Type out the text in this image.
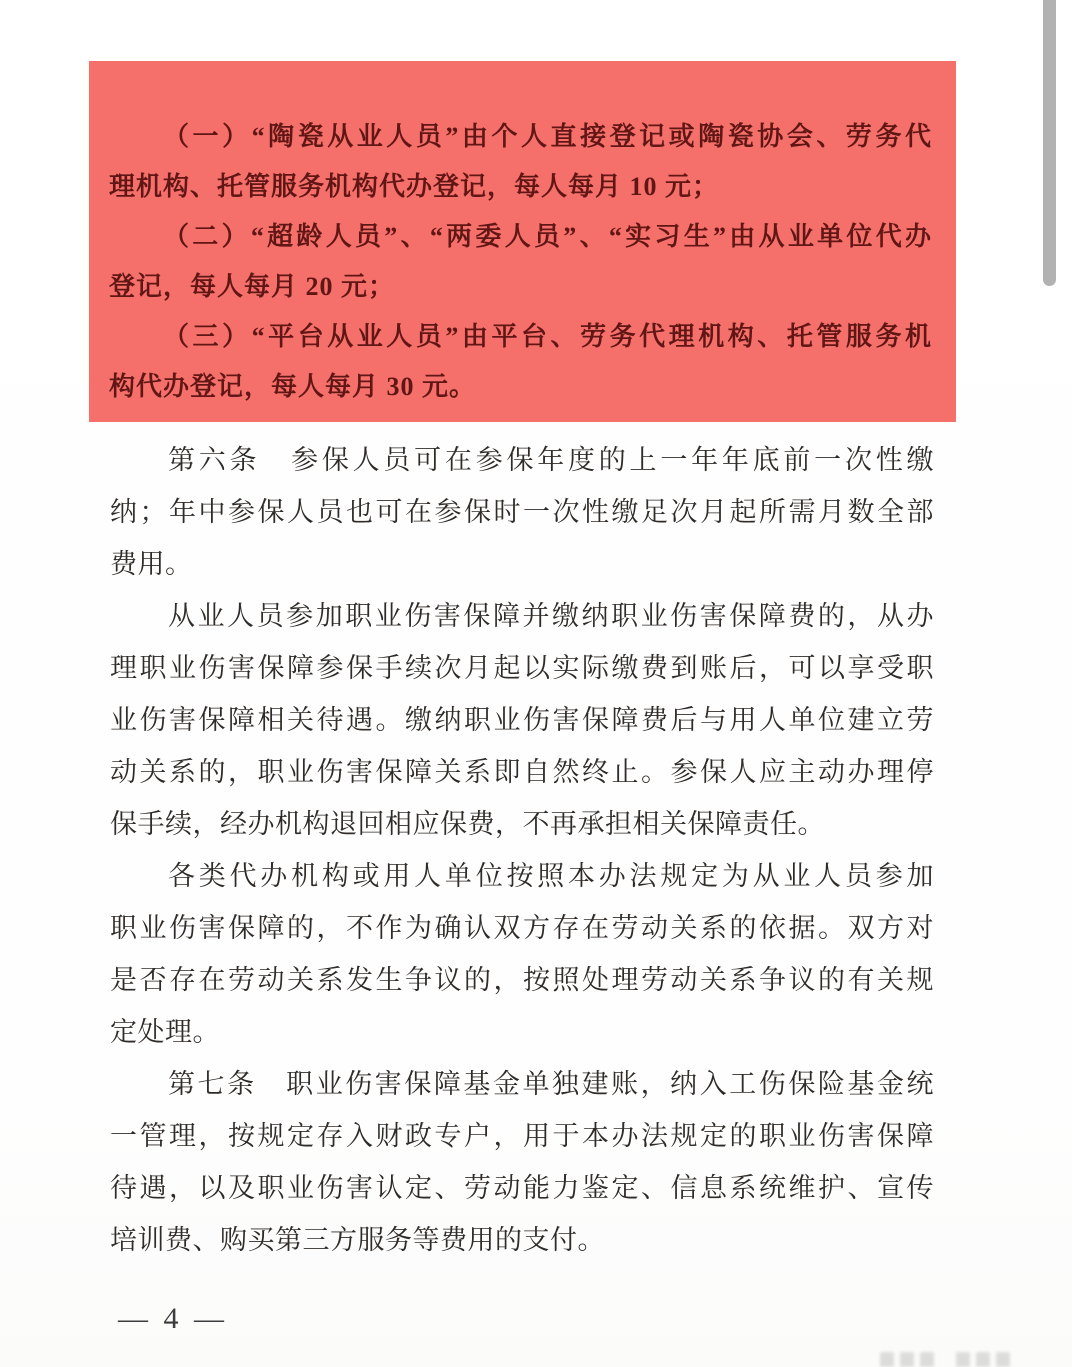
（一）“陶瓷从业人员”由个人直接登记或陶瓷协会、劳务代
理机构、托管服务机构代办登记，每人每月 10 元；
（二）“超龄人员”、“两委人员”、“实习生”由从业单位代办
登记，每人每月 20 元；
（三）“平台从业人员”由平台、劳务代理机构、托管服务机
构代办登记，每人每月 30 元。
第六条　参保人员可在参保年度的上一年年底前一次性缴
纳；年中参保人员也可在参保时一次性缴足次月起所需月数全部
费用。
从业人员参加职业伤害保障并缴纳职业伤害保障费的，从办
理职业伤害保障参保手续次月起以实际缴费到账后，可以享受职
业伤害保障相关待遇。缴纳职业伤害保障费后与用人单位建立劳
动关系的，职业伤害保障关系即自然终止。参保人应主动办理停
保手续，经办机构退回相应保费，不再承担相关保障责任。
各类代办机构或用人单位按照本办法规定为从业人员参加
职业伤害保障的，不作为确认双方存在劳动关系的依据。双方对
是否存在劳动关系发生争议的，按照处理劳动关系争议的有关规
定处理。
第七条　职业伤害保障基金单独建账，纳入工伤保险基金统
一管理，按规定存入财政专户，用于本办法规定的职业伤害保障
待遇，以及职业伤害认定、劳动能力鉴定、信息系统维护、宣传
培训费、购买第三方服务等费用的支付。
— 4 —
